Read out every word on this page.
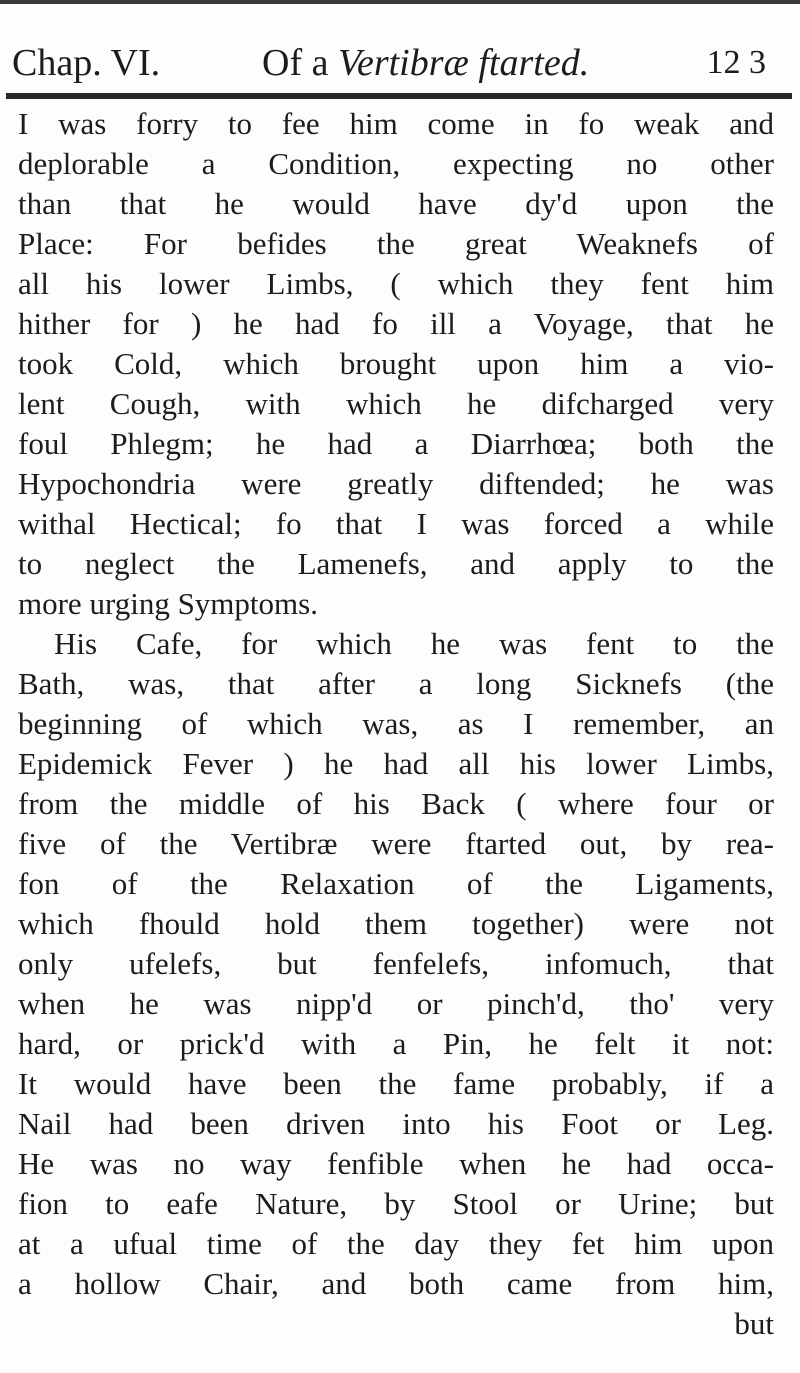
Chap. VI.	Of a Vertibræ ftarted.	12 3
I was forry to fee him come in fo weak and
deplorable a Condition, expecting no other
than that he would have dy'd upon the
Place: For befides the great Weaknefs of
all his lower Limbs, ( which they fent him
hither for ) he had fo ill a Voyage, that he
took Cold, which brought upon him a vio-
lent Cough, with which he difcharged very
foul Phlegm; he had a Diarrhœa; both the
Hypochondria were greatly diftended; he was
withal Hectical; fo that I was forced a while
to neglect the Lamenefs, and apply to the
more urging Symptoms.
His Cafe, for which he was fent to the
Bath, was, that after a long Sicknefs (the
beginning of which was, as I remember, an
Epidemick Fever ) he had all his lower Limbs,
from the middle of his Back ( where four or
five of the Vertibræ were ftarted out, by rea-
fon of the Relaxation of the Ligaments,
which fhould hold them together) were not
only ufelefs, but fenfelefs, infomuch, that
when he was nipp'd or pinch'd, tho' very
hard, or prick'd with a Pin, he felt it not:
It would have been the fame probably, if a
Nail had been driven into his Foot or Leg.
He was no way fenfible when he had occa-
fion to eafe Nature, by Stool or Urine; but
at a ufual time of the day they fet him upon
a hollow Chair, and both came from him,
but
